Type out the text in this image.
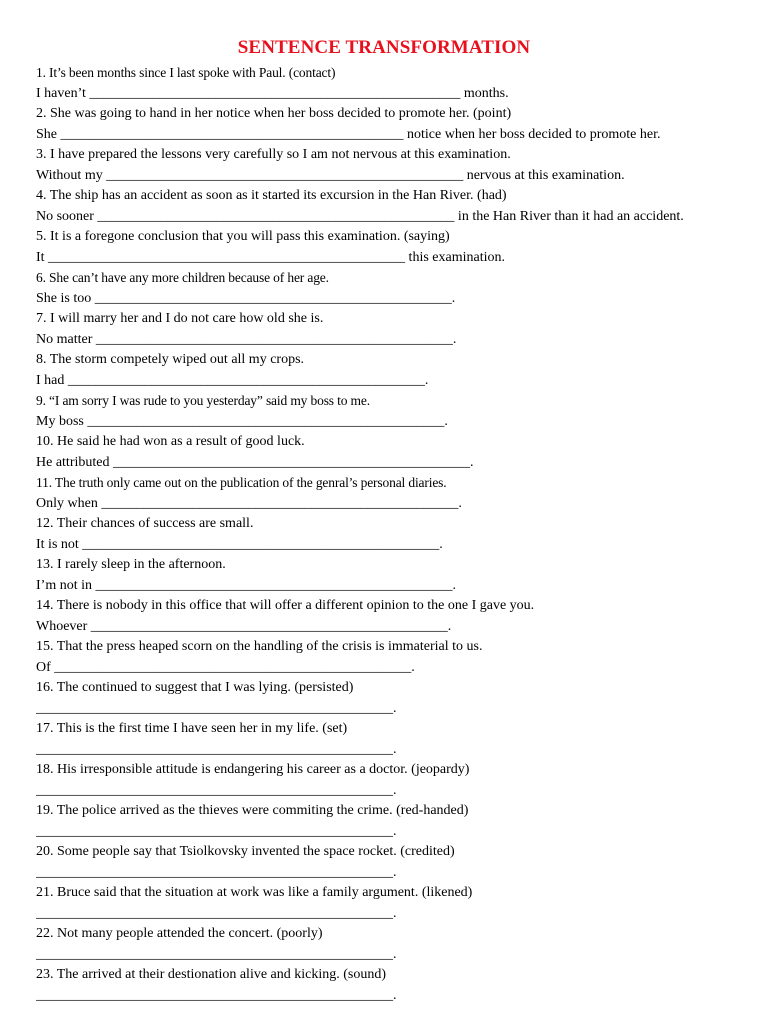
SENTENCE TRANSFORMATION
1. It’s been months since I last spoke with Paul. (contact)
I haven’t _____________________________________________________ months.
2. She was going to hand in her notice when her boss decided to promote her. (point)
She _________________________________________________ notice when her boss decided to promote her.
3. I have prepared the lessons very carefully so I am not nervous at this examination.
Without my ___________________________________________________ nervous at this examination.
4. The ship has an accident as soon as it started its excursion in the Han River. (had)
No sooner ___________________________________________________ in the Han River than it had an accident.
5. It is a foregone conclusion that you will pass this examination. (saying)
It ___________________________________________________ this examination.
6. She can’t have any more children because of her age.
She is too ___________________________________________________.
7. I will marry her and I do not care how old she is.
No matter ___________________________________________________.
8. The storm competely wiped out all my crops.
I had ___________________________________________________.
9. “I am sorry I was rude to you yesterday” said my boss to me.
My boss ___________________________________________________.
10. He said he had won as a result of good luck.
He attributed ___________________________________________________.
11. The truth only came out on the publication of the genral’s personal diaries.
Only when ___________________________________________________.
12. Their chances of success are small.
It is not ___________________________________________________.
13. I rarely sleep in the afternoon.
I’m not in ___________________________________________________.
14. There is nobody in this office that will offer a different opinion to the one I gave you.
Whoever ___________________________________________________.
15. That the press heaped scorn on the handling of the crisis is immaterial to us.
Of ___________________________________________________.
16. The continued to suggest that I was lying. (persisted)
___________________________________________________.
17. This is the first time I have seen her in my life. (set)
___________________________________________________.
18. His irresponsible attitude is endangering his career as a doctor. (jeopardy)
___________________________________________________.
19. The police arrived as the thieves were commiting the crime. (red-handed)
___________________________________________________.
20. Some people say that Tsiolkovsky invented the space rocket. (credited)
___________________________________________________.
21. Bruce said that the situation at work was like a family argument. (likened)
___________________________________________________.
22. Not many people attended the concert. (poorly)
___________________________________________________.
23. The arrived at their destionation alive and kicking. (sound)
___________________________________________________.
